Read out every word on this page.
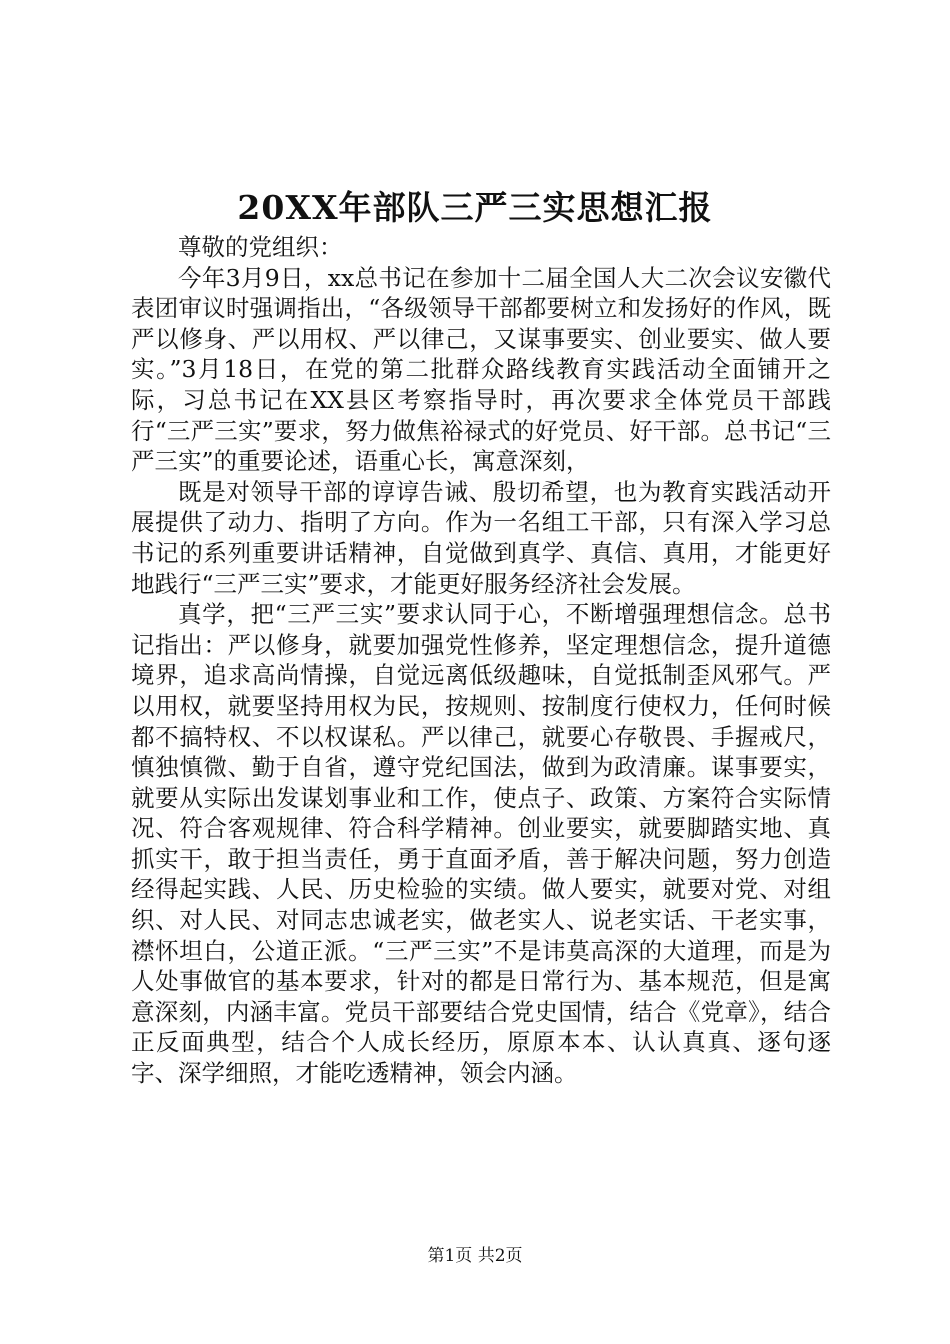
20XX年部队三严三实思想汇报

尊敬的党组织：

今年3月9日，xx总书记在参加十二届全国人大二次会议安徽代表团审议时强调指出，“各级领导干部都要树立和发扬好的作风，既严以修身、严以用权、严以律己，又谋事要实、创业要实、做人要实。”3月18日，在党的第二批群众路线教育实践活动全面铺开之际，习总书记在XX县区考察指导时，再次要求全体党员干部践行“三严三实”要求，努力做焦裕禄式的好党员、好干部。总书记“三严三实”的重要论述，语重心长，寓意深刻，

既是对领导干部的谆谆告诫、殷切希望，也为教育实践活动开展提供了动力、指明了方向。作为一名组工干部，只有深入学习总书记的系列重要讲话精神，自觉做到真学、真信、真用，才能更好地践行“三严三实”要求，才能更好服务经济社会发展。

真学，把“三严三实”要求认同于心，不断增强理想信念。总书记指出：严以修身，就要加强党性修养，坚定理想信念，提升道德境界，追求高尚情操，自觉远离低级趣味，自觉抵制歪风邪气。严以用权，就要坚持用权为民，按规则、按制度行使权力，任何时候都不搞特权、不以权谋私。严以律己，就要心存敬畏、手握戒尺，慎独慎微、勤于自省，遵守党纪国法，做到为政清廉。谋事要实，就要从实际出发谋划事业和工作，使点子、政策、方案符合实际情况、符合客观规律、符合科学精神。创业要实，就要脚踏实地、真抓实干，敢于担当责任，勇于直面矛盾，善于解决问题，努力创造经得起实践、人民、历史检验的实绩。做人要实，就要对党、对组织、对人民、对同志忠诚老实，做老实人、说老实话、干老实事，襟怀坦白，公道正派。“三严三实”不是讳莫高深的大道理，而是为人处事做官的基本要求，针对的都是日常行为、基本规范，但是寓意深刻，内涵丰富。党员干部要结合党史国情，结合《党章》，结合正反面典型，结合个人成长经历，原原本本、认认真真、逐句逐字、深学细照，才能吃透精神，领会内涵。

第1页 共2页
